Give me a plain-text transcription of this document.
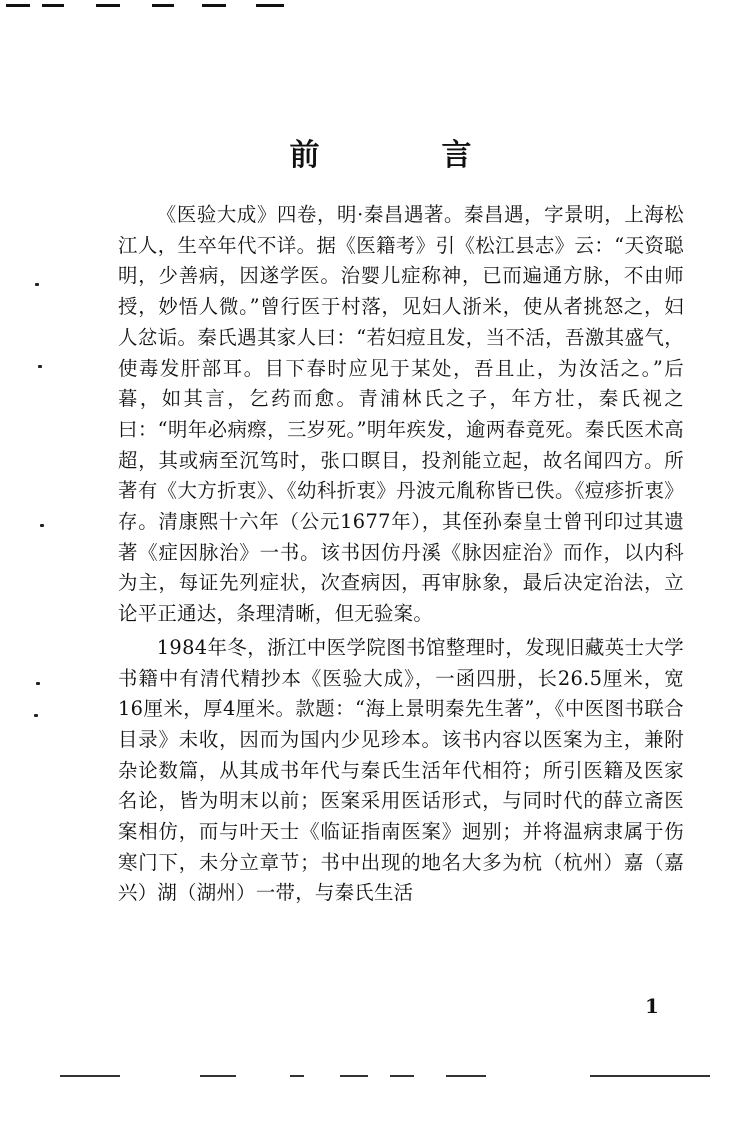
前　言

《医验大成》四卷，明·秦昌遇著。秦昌遇，字景明，上海松江人，生卒年代不详。据《医籍考》引《松江县志》云：“天资聪明，少善病，因遂学医。治婴儿症称神，已而遍通方脉，不由师授，妙悟人微。”曾行医于村落，见妇人浙米，使从者挑怒之，妇人忿诟。秦氏遇其家人曰：“若妇痘且发，当不活，吾激其盛气，使毒发肝部耳。目下春时应见于某处，吾且止，为汝活之。”后暮，如其言，乞药而愈。青浦林氏之子，年方壮，秦氏视之曰：“明年必病瘵，三岁死。”明年疾发，逾两春竟死。秦氏医术高超，其或病至沉笃时，张口瞑目，投剂能立起，故名闻四方。所著有《大方折衷》、《幼科折衷》丹波元胤称皆已佚。《痘疹折衷》存。清康熙十六年（公元1677年），其侄孙秦皇士曾刊印过其遗著《症因脉治》一书。该书因仿丹溪《脉因症治》而作，以内科为主，每证先列症状，次查病因，再审脉象，最后决定治法，立论平正通达，条理清晰，但无验案。

1984年冬，浙江中医学院图书馆整理时，发现旧藏英士大学书籍中有清代精抄本《医验大成》，一函四册，长26.5厘米，宽16厘米，厚4厘米。款题：“海上景明秦先生著”，《中医图书联合目录》未收，因而为国内少见珍本。该书内容以医案为主，兼附杂论数篇，从其成书年代与秦氏生活年代相符；所引医籍及医家名论，皆为明末以前；医案采用医话形式，与同时代的薛立斋医案相仿，而与叶天士《临证指南医案》迥别；并将温病隶属于伤寒门下，未分立章节；书中出现的地名大多为杭（杭州）嘉（嘉兴）湖（湖州）一带，与秦氏生活

1
